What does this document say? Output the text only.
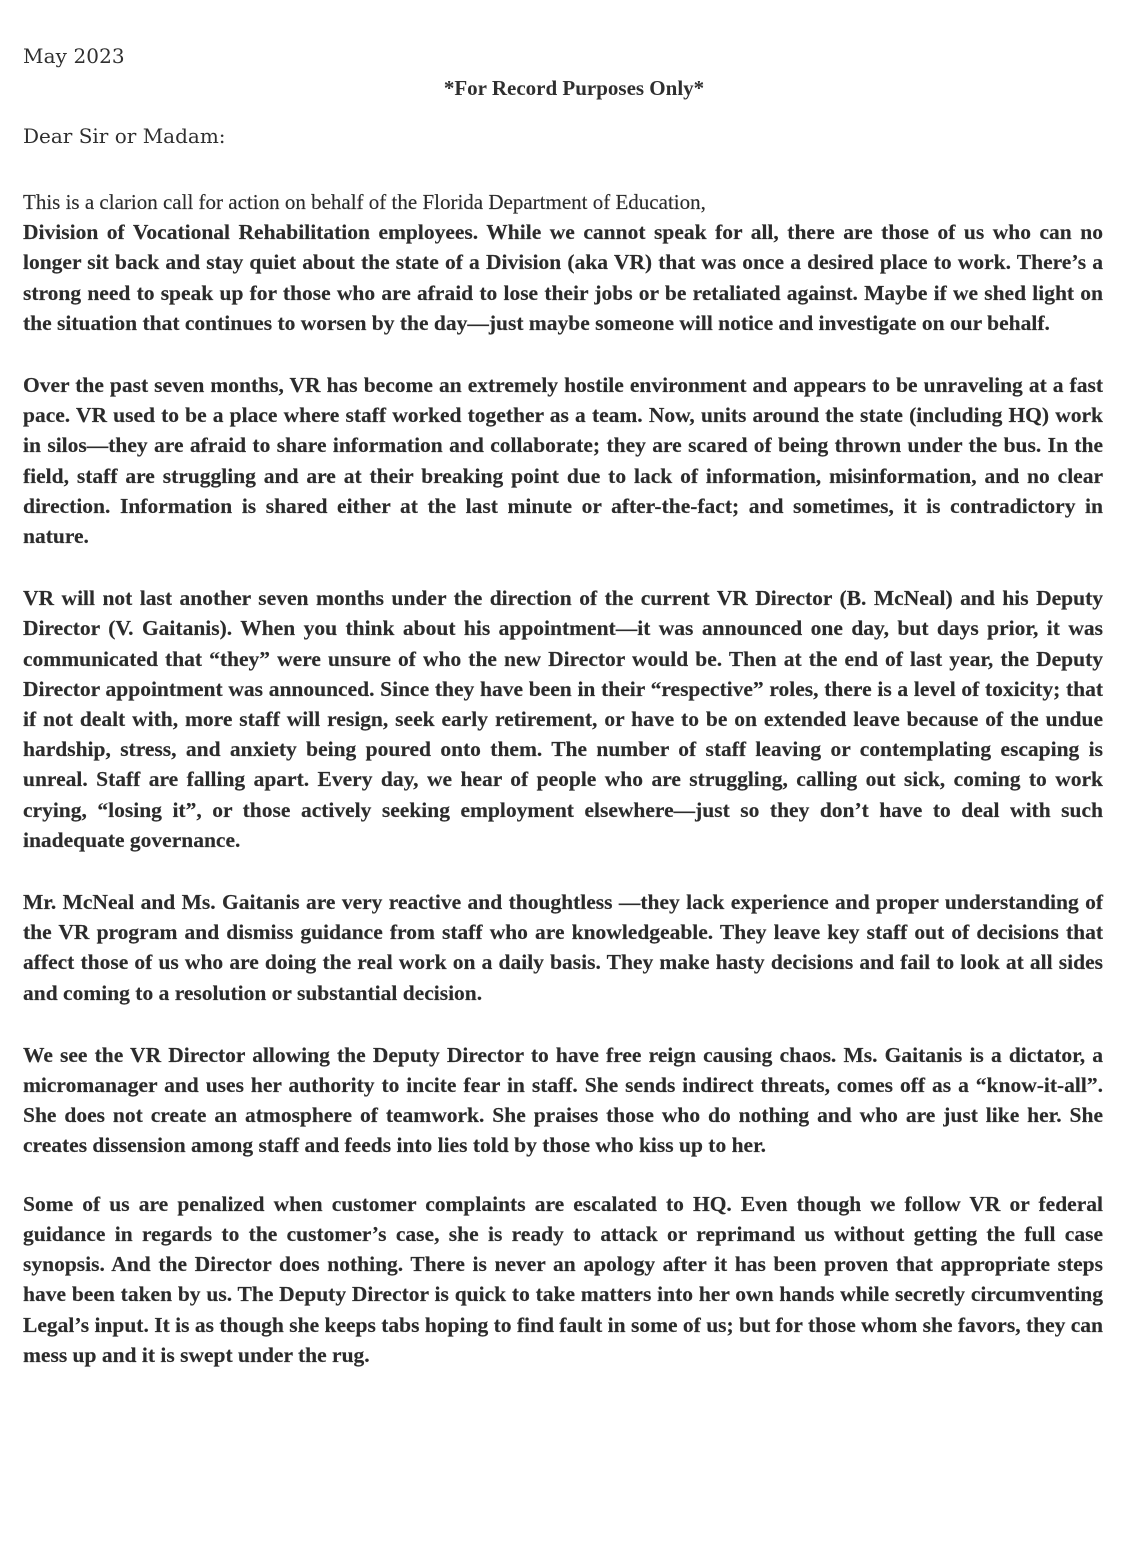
May 2023
*For Record Purposes Only*
Dear Sir or Madam:

This is a clarion call for action on behalf of the Florida Department of Education,

Division of Vocational Rehabilitation employees. While we cannot speak for all, there are those of us who can no longer sit back and stay quiet about the state of a Division (aka VR) that was once a desired place to work. There’s a strong need to speak up for those who are afraid to lose their jobs or be retaliated against. Maybe if we shed light on the situation that continues to worsen by the day—just maybe someone will notice and investigate on our behalf.

Over the past seven months, VR has become an extremely hostile environment and appears to be unraveling at a fast pace. VR used to be a place where staff worked together as a team. Now, units around the state (including HQ) work in silos—they are afraid to share information and collaborate; they are scared of being thrown under the bus. In the field, staff are struggling and are at their breaking point due to lack of information, misinformation, and no clear direction. Information is shared either at the last minute or after-the-fact; and sometimes, it is contradictory in nature.

VR will not last another seven months under the direction of the current VR Director (B. McNeal) and his Deputy Director (V. Gaitanis). When you think about his appointment—it was announced one day, but days prior, it was communicated that “they” were unsure of who the new Director would be. Then at the end of last year, the Deputy Director appointment was announced. Since they have been in their “respective” roles, there is a level of toxicity; that if not dealt with, more staff will resign, seek early retirement, or have to be on extended leave because of the undue hardship, stress, and anxiety being poured onto them. The number of staff leaving or contemplating escaping is unreal. Staff are falling apart. Every day, we hear of people who are struggling, calling out sick, coming to work crying, “losing it”, or those actively seeking employment elsewhere—just so they don’t have to deal with such inadequate governance.

Mr. McNeal and Ms. Gaitanis are very reactive and thoughtless —they lack experience and proper understanding of the VR program and dismiss guidance from staff who are knowledgeable. They leave key staff out of decisions that affect those of us who are doing the real work on a daily basis. They make hasty decisions and fail to look at all sides and coming to a resolution or substantial decision.

We see the VR Director allowing the Deputy Director to have free reign causing chaos. Ms. Gaitanis is a dictator, a micromanager and uses her authority to incite fear in staff. She sends indirect threats, comes off as a “know-it-all”. She does not create an atmosphere of teamwork. She praises those who do nothing and who are just like her. She creates dissension among staff and feeds into lies told by those who kiss up to her.

Some of us are penalized when customer complaints are escalated to HQ. Even though we follow VR or federal guidance in regards to the customer’s case, she is ready to attack or reprimand us without getting the full case synopsis. And the Director does nothing. There is never an apology after it has been proven that appropriate steps have been taken by us. The Deputy Director is quick to take matters into her own hands while secretly circumventing Legal’s input. It is as though she keeps tabs hoping to find fault in some of us; but for those whom she favors, they can mess up and it is swept under the rug.
